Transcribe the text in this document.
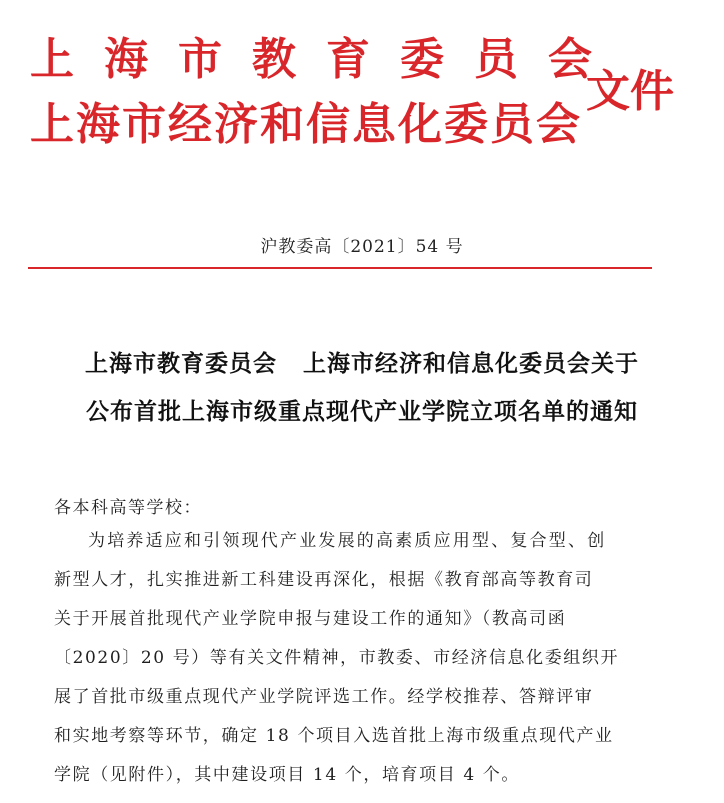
上海市教育委员会
上海市经济和信息化委员会
文件
沪教委高〔2021〕54 号
上海市教育委员会 上海市经济和信息化委员会关于
公布首批上海市级重点现代产业学院立项名单的通知
各本科高等学校：
为培养适应和引领现代产业发展的高素质应用型、复合型、创
新型人才，扎实推进新工科建设再深化，根据《教育部高等教育司
关于开展首批现代产业学院申报与建设工作的通知》（教高司函
〔2020〕20 号）等有关文件精神，市教委、市经济信息化委组织开
展了首批市级重点现代产业学院评选工作。经学校推荐、答辩评审
和实地考察等环节，确定 18 个项目入选首批上海市级重点现代产业
学院（见附件），其中建设项目 14 个，培育项目 4 个。
